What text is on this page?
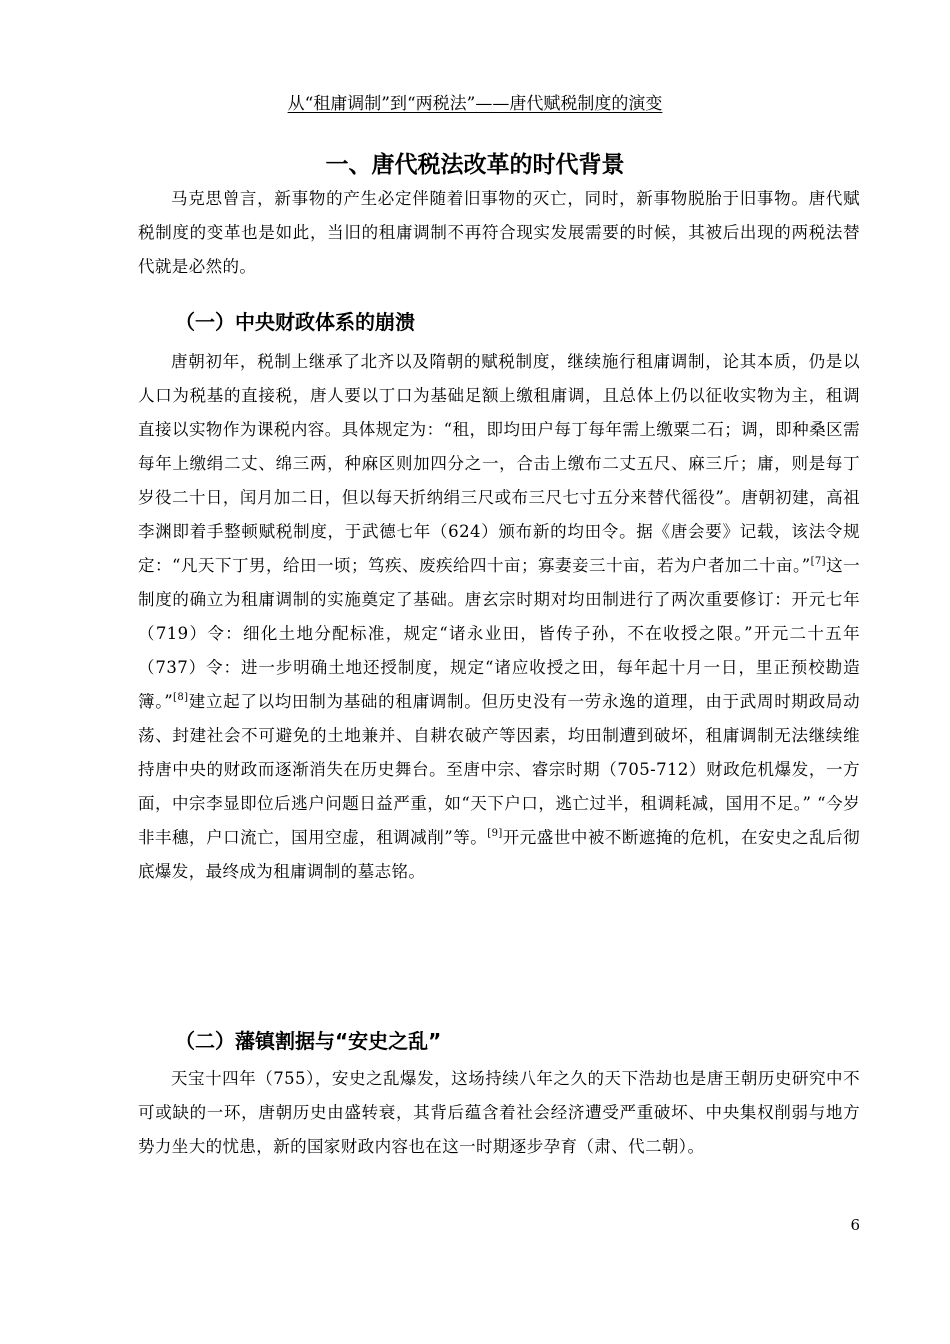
从“租庸调制”到“两税法”——唐代赋税制度的演变
一、唐代税法改革的时代背景

马克思曾言，新事物的产生必定伴随着旧事物的灭亡，同时，新事物脱胎于旧事物。唐代赋税制度的变革也是如此，当旧的租庸调制不再符合现实发展需要的时候，其被后出现的两税法替代就是必然的。

（一）中央财政体系的崩溃

唐朝初年，税制上继承了北齐以及隋朝的赋税制度，继续施行租庸调制，论其本质，仍是以人口为税基的直接税，唐人要以丁口为基础足额上缴租庸调，且总体上仍以征收实物为主，租调直接以实物作为课税内容。具体规定为：“租，即均田户每丁每年需上缴粟二石；调，即种桑区需每年上缴绢二丈、绵三两，种麻区则加四分之一，合击上缴布二丈五尺、麻三斤；庸，则是每丁岁役二十日，闰月加二日，但以每天折纳绢三尺或布三尺七寸五分来替代徭役”。唐朝初建，高祖李渊即着手整顿赋税制度，于武德七年（624）颁布新的均田令。据《唐会要》记载，该法令规定：“凡天下丁男，给田一顷；笃疾、废疾给四十亩；寡妻妾三十亩，若为户者加二十亩。”[7]这一制度的确立为租庸调制的实施奠定了基础。唐玄宗时期对均田制进行了两次重要修订：开元七年（719）令：细化土地分配标准，规定“诸永业田，皆传子孙，不在收授之限。”开元二十五年（737）令：进一步明确土地还授制度，规定“诸应收授之田，每年起十月一日，里正预校勘造簿。”[8]建立起了以均田制为基础的租庸调制。但历史没有一劳永逸的道理，由于武周时期政局动荡、封建社会不可避免的土地兼并、自耕农破产等因素，均田制遭到破坏，租庸调制无法继续维持唐中央的财政而逐渐消失在历史舞台。至唐中宗、睿宗时期（705-712）财政危机爆发，一方面，中宗李显即位后逃户问题日益严重，如“天下户口，逃亡过半，租调耗减，国用不足。” “今岁非丰穗，户口流亡，国用空虚，租调减削”等。[9]开元盛世中被不断遮掩的危机，在安史之乱后彻底爆发，最终成为租庸调制的墓志铭。

（二）藩镇割据与“安史之乱”

天宝十四年（755），安史之乱爆发，这场持续八年之久的天下浩劫也是唐王朝历史研究中不可或缺的一环，唐朝历史由盛转衰，其背后蕴含着社会经济遭受严重破坏、中央集权削弱与地方势力坐大的忧患，新的国家财政内容也在这一时期逐步孕育（肃、代二朝）。

6
